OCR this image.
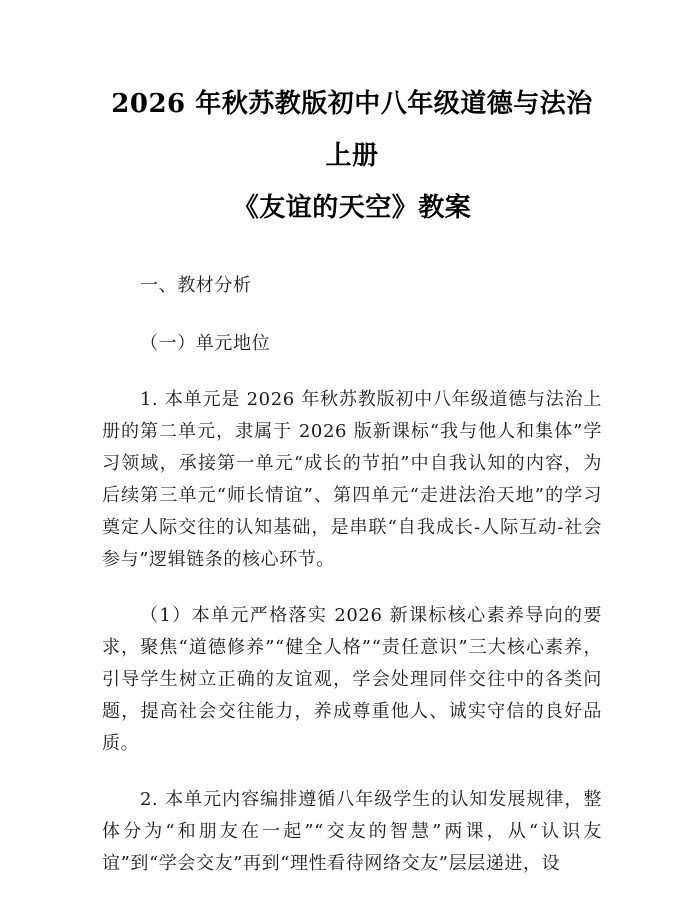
2026 年秋苏教版初中八年级道德与法治上册
《友谊的天空》教案

一、教材分析

（一）单元地位

1. 本单元是 2026 年秋苏教版初中八年级道德与法治上册的第二单元，隶属于 2026 版新课标“我与他人和集体”学习领域，承接第一单元“成长的节拍”中自我认知的内容，为后续第三单元“师长情谊”、第四单元“走进法治天地”的学习奠定人际交往的认知基础，是串联“自我成长-人际互动-社会参与”逻辑链条的核心环节。

（1）本单元严格落实 2026 新课标核心素养导向的要求，聚焦“道德修养”“健全人格”“责任意识”三大核心素养，引导学生树立正确的友谊观，学会处理同伴交往中的各类问题，提高社会交往能力，养成尊重他人、诚实守信的良好品质。

2. 本单元内容编排遵循八年级学生的认知发展规律，整体分为“和朋友在一起”“交友的智慧”两课，从“认识友谊”到“学会交友”再到“理性看待网络交友”层层递进，设
